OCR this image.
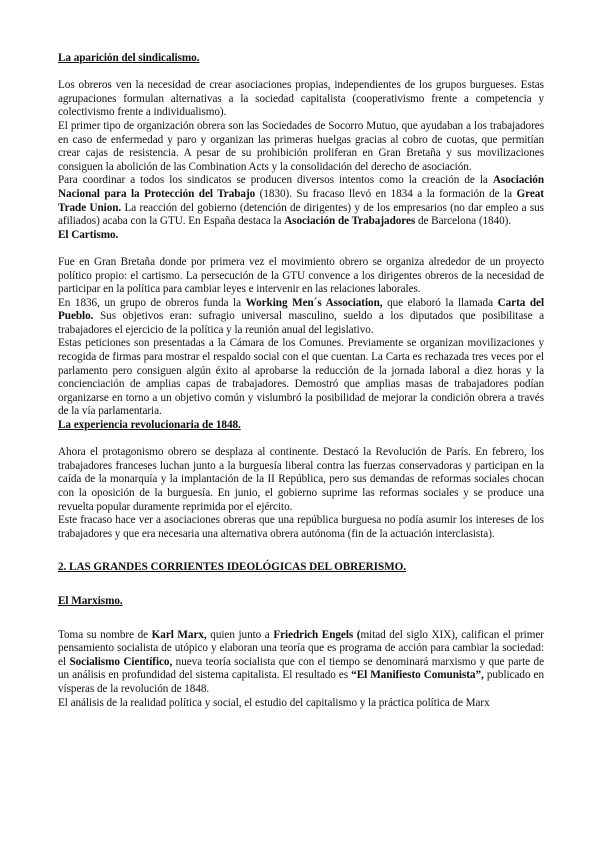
La aparición del sindicalismo.

Los obreros ven la necesidad de crear asociaciones propias, independientes de los grupos burgueses. Estas agrupaciones formulan alternativas a la sociedad capitalista (cooperativismo frente a competencia y colectivismo frente a individualismo).

El primer tipo de organización obrera son las Sociedades de Socorro Mutuo, que ayudaban a los trabajadores en caso de enfermedad y paro y organizan las primeras huelgas gracias al cobro de cuotas, que permitían crear cajas de resistencia. A pesar de su prohibición proliferan en Gran Bretaña y sus movilizaciones consiguen la abolición de las Combination Acts y la consolidación del derecho de asociación.

Para coordinar a todos los sindicatos se producen diversos intentos como la creación de la Asociación Nacional para la Protección del Trabajo (1830). Su fracaso llevó en 1834 a la formación de la Great Trade Union. La reacción del gobierno (detención de dirigentes) y de los empresarios (no dar empleo a sus afiliados) acaba con la GTU. En España destaca la Asociación de Trabajadores de Barcelona (1840).

El Cartismo.

Fue en Gran Bretaña donde por primera vez el movimiento obrero se organiza alrededor de un proyecto político propio: el cartismo. La persecución de la GTU convence a los dirigentes obreros de la necesidad de participar en la política para cambiar leyes e intervenir en las relaciones laborales.

En 1836, un grupo de obreros funda la Working Men´s Association, que elaboró la llamada Carta del Pueblo. Sus objetivos eran: sufragio universal masculino, sueldo a los diputados que posibilitase a trabajadores el ejercicio de la política y la reunión anual del legislativo.

Estas peticiones son presentadas a la Cámara de los Comunes. Previamente se organizan movilizaciones y recogida de firmas para mostrar el respaldo social con el que cuentan. La Carta es rechazada tres veces por el parlamento pero consiguen algún éxito al aprobarse la reducción de la jornada laboral a diez horas y la concienciación de amplias capas de trabajadores. Demostró que amplias masas de trabajadores podían organizarse en torno a un objetivo común y vislumbró la posibilidad de mejorar la condición obrera a través de la vía parlamentaria.

La experiencia revolucionaria de 1848.

Ahora el protagonismo obrero se desplaza al continente. Destacó la Revolución de París. En febrero, los trabajadores franceses luchan junto a la burguesía liberal contra las fuerzas conservadoras y participan en la caída de la monarquía y la implantación de la II República, pero sus demandas de reformas sociales chocan con la oposición de la burguesía. En junio, el gobierno suprime las reformas sociales y se produce una revuelta popular duramente reprimida por el ejército.

Este fracaso hace ver a asociaciones obreras que una república burguesa no podía asumir los intereses de los trabajadores y que era necesaria una alternativa obrera autónoma (fin de la actuación interclasista).

2. LAS GRANDES CORRIENTES IDEOLÓGICAS DEL OBRERISMO.

El Marxismo.

Toma su nombre de Karl Marx, quien junto a Friedrich Engels (mitad del siglo XIX), califican el primer pensamiento socialista de utópico y elaboran una teoría que es programa de acción para cambiar la sociedad: el Socialismo Científico, nueva teoría socialista que con el tiempo se denominará marxismo y que parte de un análisis en profundidad del sistema capitalista. El resultado es “El Manifiesto Comunista”, publicado en vísperas de la revolución de 1848.

El análisis de la realidad política y social, el estudio del capitalismo y la práctica política de Marx
